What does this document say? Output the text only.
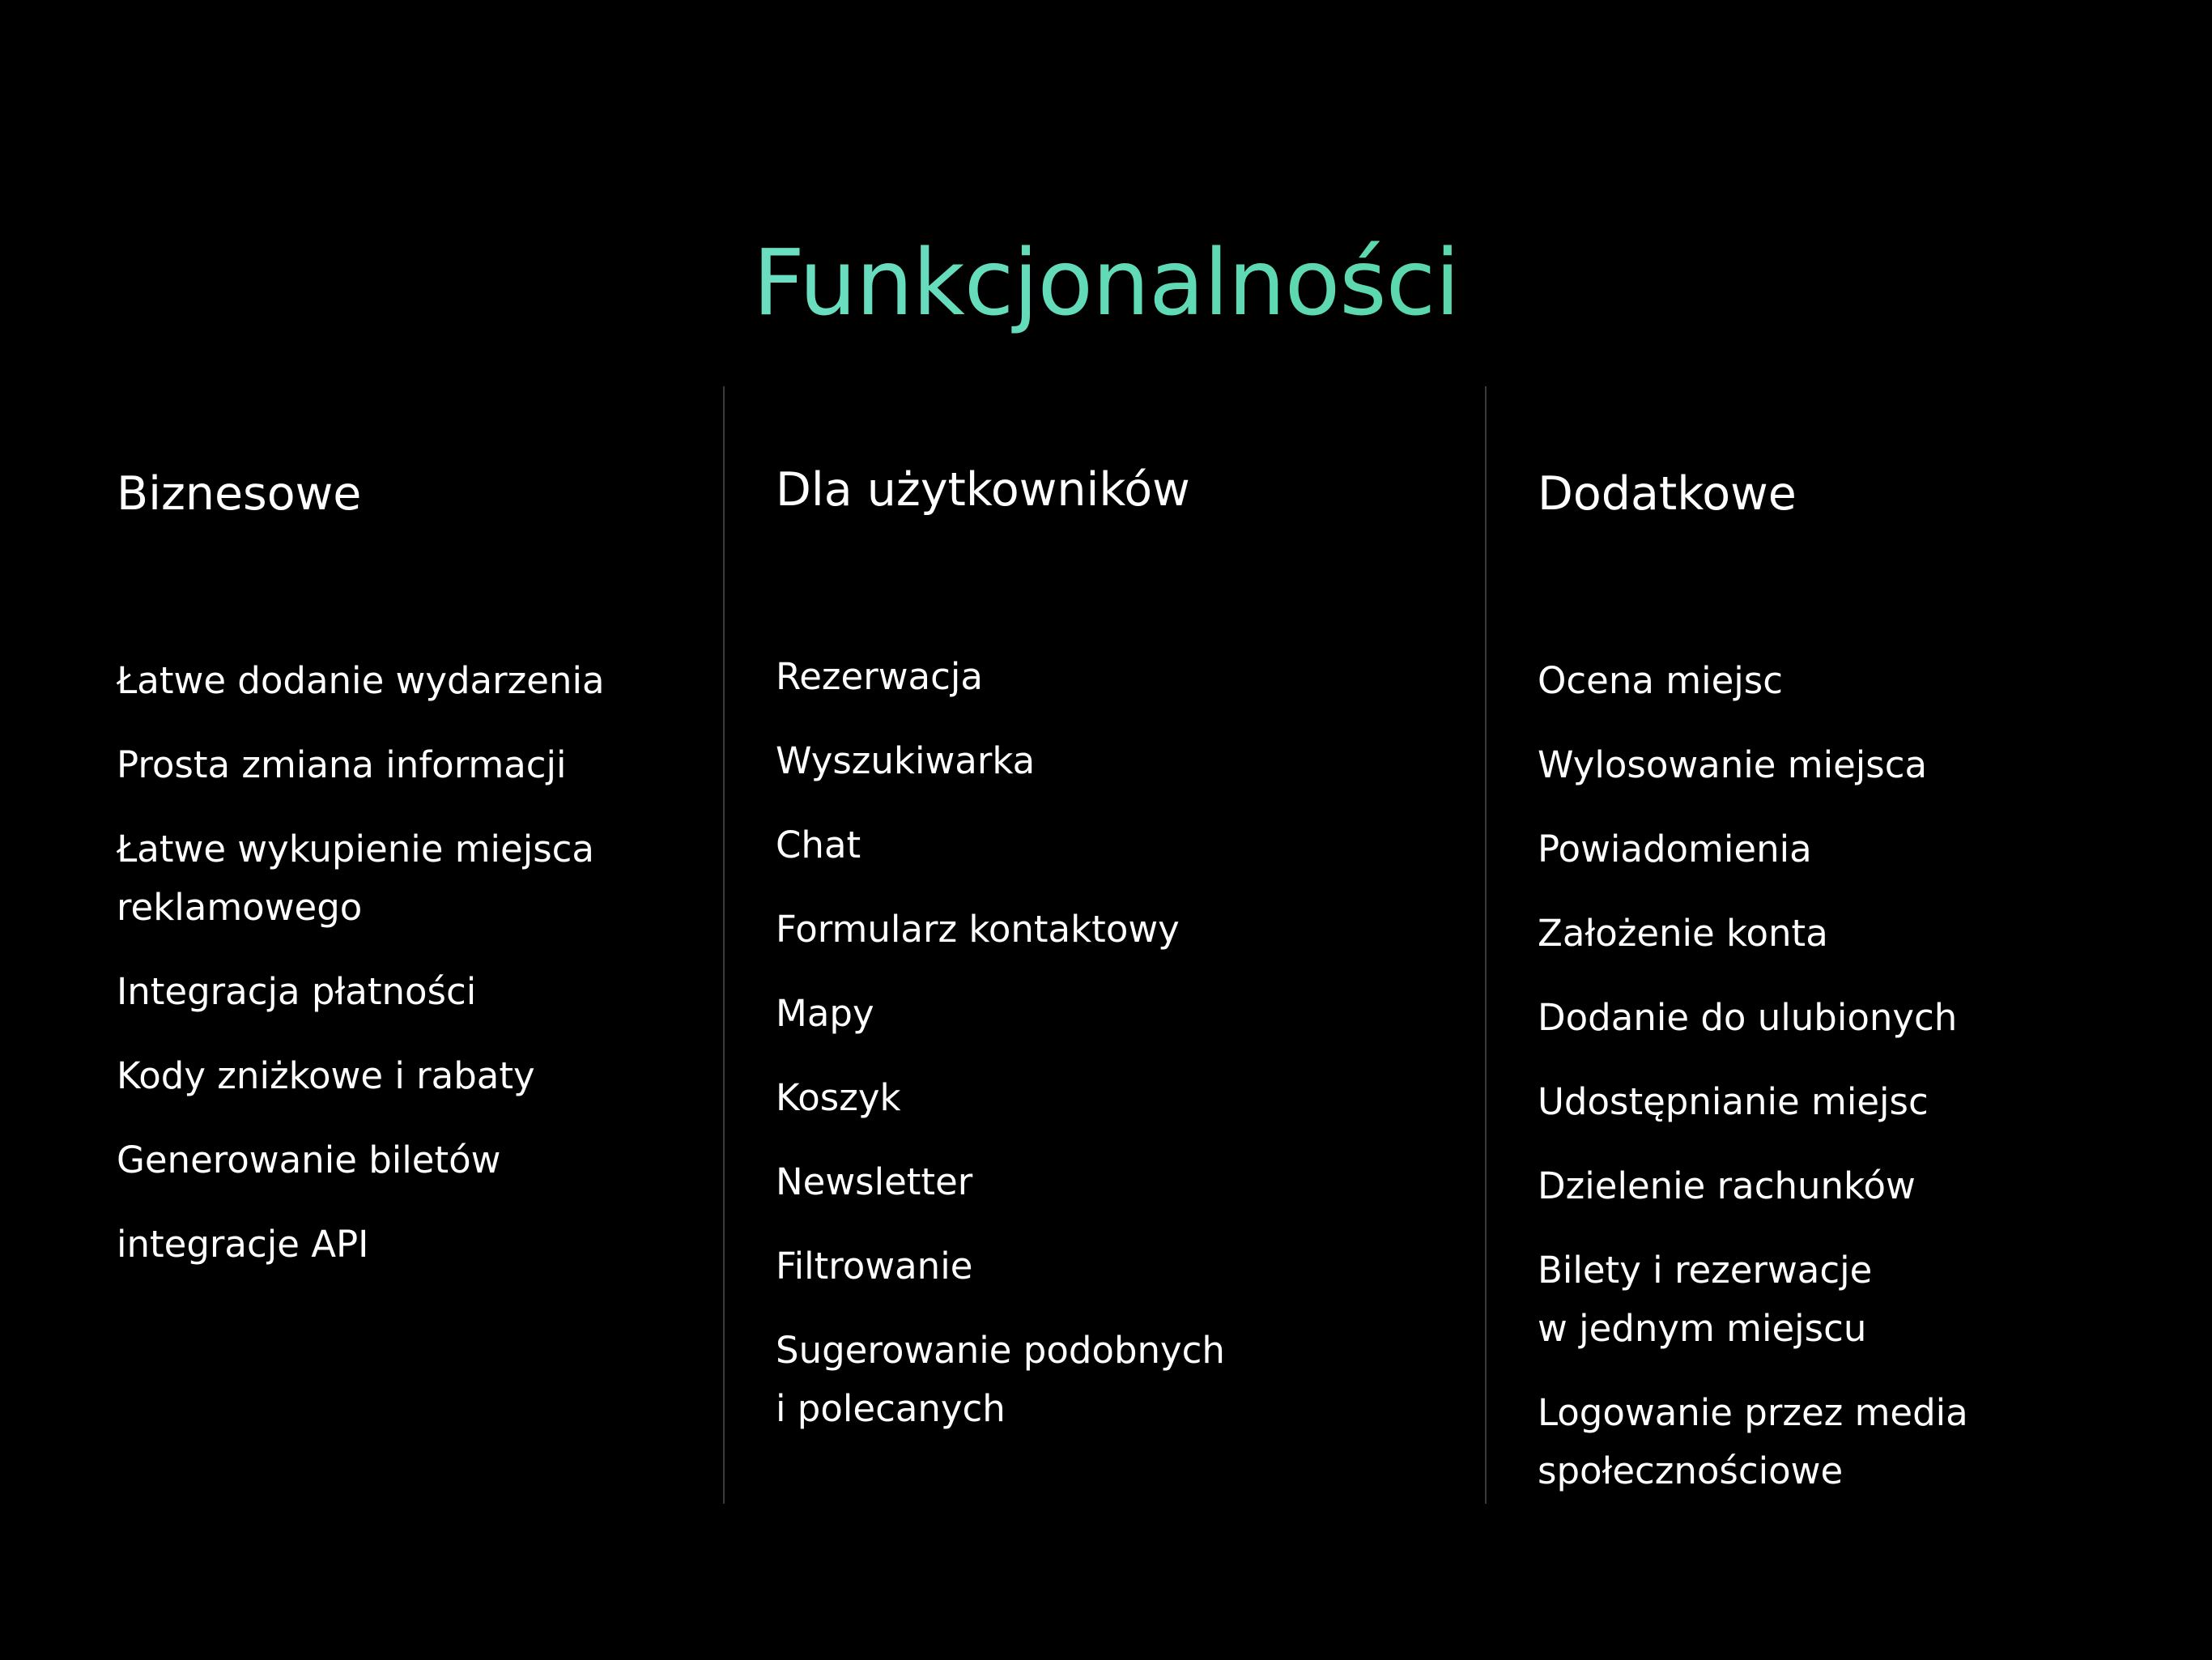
Funkcjonalności
Biznesowe
Łatwe dodanie wydarzenia
Prosta zmiana informacji
Łatwe wykupienie miejsca
reklamowego
Integracja płatności
Kody zniżkowe i rabaty
Generowanie biletów
integracje API
Dla użytkowników
Rezerwacja
Wyszukiwarka
Chat
Formularz kontaktowy
Mapy
Koszyk
Newsletter
Filtrowanie
Sugerowanie podobnych
i polecanych
Dodatkowe
Ocena miejsc
Wylosowanie miejsca
Powiadomienia
Założenie konta
Dodanie do ulubionych
Udostępnianie miejsc
Dzielenie rachunków
Bilety i rezerwacje
w jednym miejscu
Logowanie przez media
społecznościowe
